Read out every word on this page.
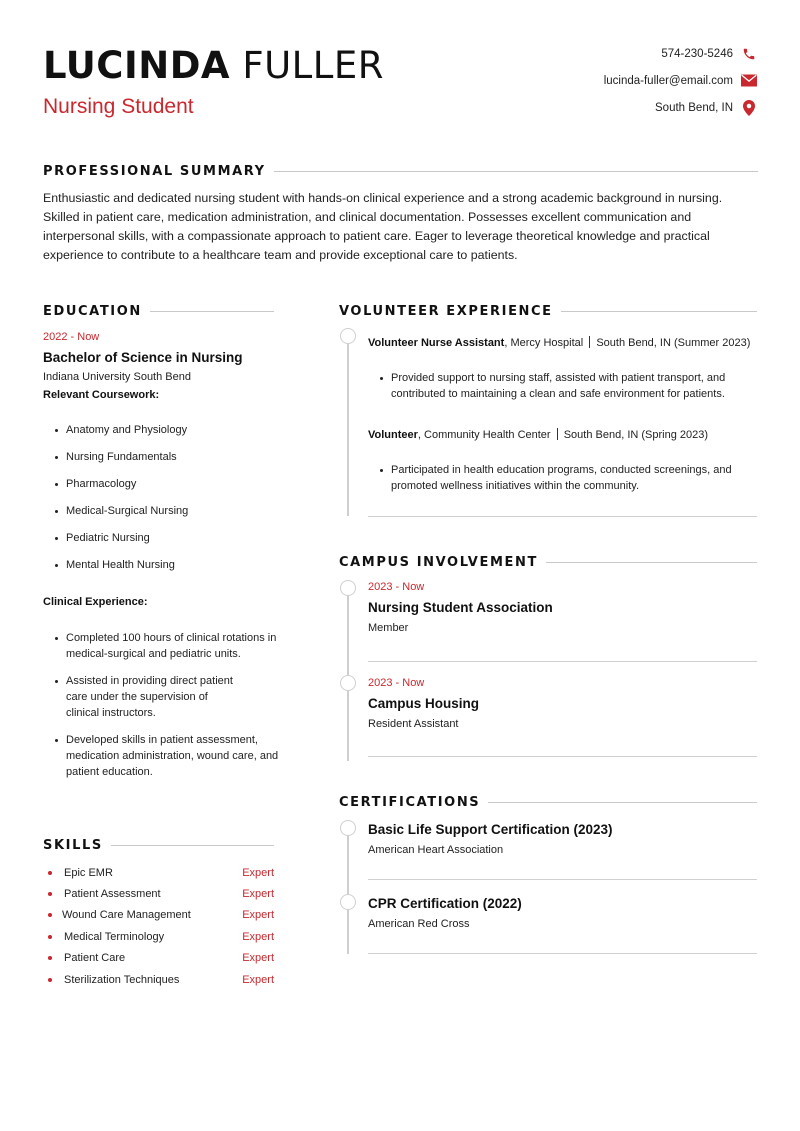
LUCINDA FULLER
Nursing Student
574-230-5246
lucinda-fuller@email.com
South Bend, IN
PROFESSIONAL SUMMARY

Enthusiastic and dedicated nursing student with hands-on clinical experience and a strong academic background in nursing. Skilled in patient care, medication administration, and clinical documentation. Possesses excellent communication and interpersonal skills, with a compassionate approach to patient care. Eager to leverage theoretical knowledge and practical experience to contribute to a healthcare team and provide exceptional care to patients.

EDUCATION
2022 - Now
Bachelor of Science in Nursing
Indiana University South Bend
Relevant Coursework:
Anatomy and Physiology
Nursing Fundamentals
Pharmacology
Medical-Surgical Nursing
Pediatric Nursing
Mental Health Nursing
Clinical Experience:
Completed 100 hours of clinical rotations in medical-surgical and pediatric units.
Assisted in providing direct patient care under the supervision of clinical instructors.
Developed skills in patient assessment, medication administration, wound care, and patient education.
SKILLS
Epic EMR	Expert
Patient Assessment	Expert
Wound Care Management	Expert
Medical Terminology	Expert
Patient Care	Expert
Sterilization Techniques	Expert
VOLUNTEER EXPERIENCE
Volunteer Nurse Assistant, Mercy Hospital South Bend, IN (Summer 2023)
Provided support to nursing staff, assisted with patient transport, and contributed to maintaining a clean and safe environment for patients.
Volunteer, Community Health Center South Bend, IN (Spring 2023)
Participated in health education programs, conducted screenings, and promoted wellness initiatives within the community.
CAMPUS INVOLVEMENT
2023 - Now
Nursing Student Association
Member
2023 - Now
Campus Housing
Resident Assistant
CERTIFICATIONS
Basic Life Support Certification (2023)
American Heart Association
CPR Certification (2022)
American Red Cross
